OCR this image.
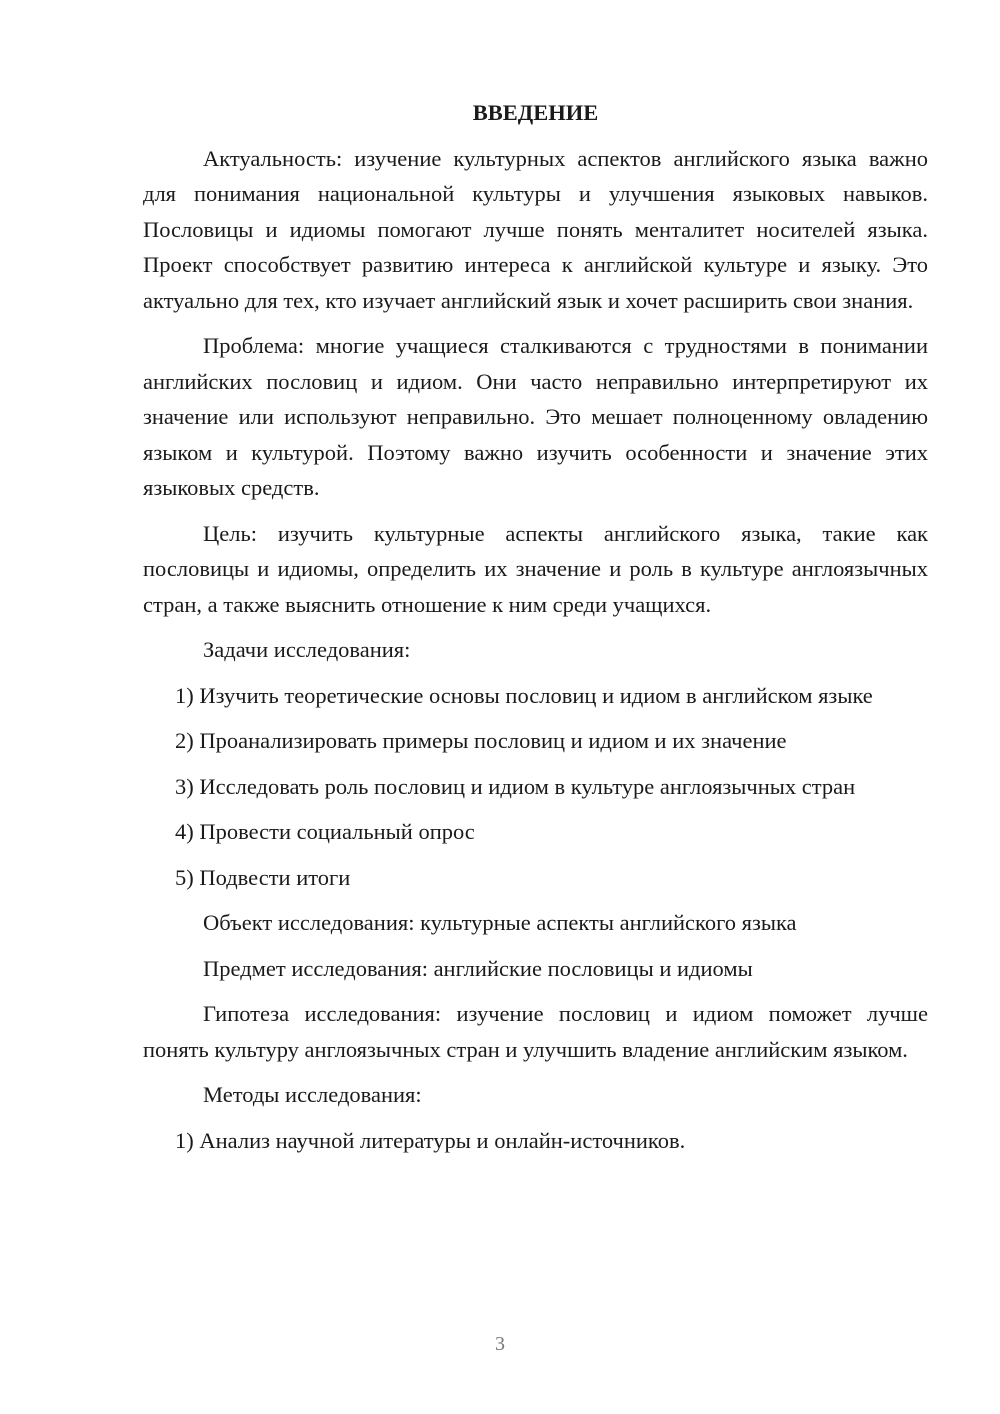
ВВЕДЕНИЕ

Актуальность: изучение культурных аспектов английского языка важно для понимания национальной культуры и улучшения языковых навыков. Пословицы и идиомы помогают лучше понять менталитет носителей языка. Проект способствует развитию интереса к английской культуре и языку. Это актуально для тех, кто изучает английский язык и хочет расширить свои знания.

Проблема: многие учащиеся сталкиваются с трудностями в понимании английских пословиц и идиом. Они часто неправильно интерпретируют их значение или используют неправильно. Это мешает полноценному овладению языком и культурой. Поэтому важно изучить особенности и значение этих языковых средств.

Цель: изучить культурные аспекты английского языка, такие как пословицы и идиомы, определить их значение и роль в культуре англоязычных стран, а также выяснить отношение к ним среди учащихся.

Задачи исследования:

1) Изучить теоретические основы пословиц и идиом в английском языке

2) Проанализировать примеры пословиц и идиом и их значение

3) Исследовать роль пословиц и идиом в культуре англоязычных стран

4) Провести социальный опрос

5) Подвести итоги

Объект исследования: культурные аспекты английского языка

Предмет исследования: английские пословицы и идиомы

Гипотеза исследования: изучение пословиц и идиом поможет лучше понять культуру англоязычных стран и улучшить владение английским языком.

Методы исследования:

1) Анализ научной литературы и онлайн-источников.

3
